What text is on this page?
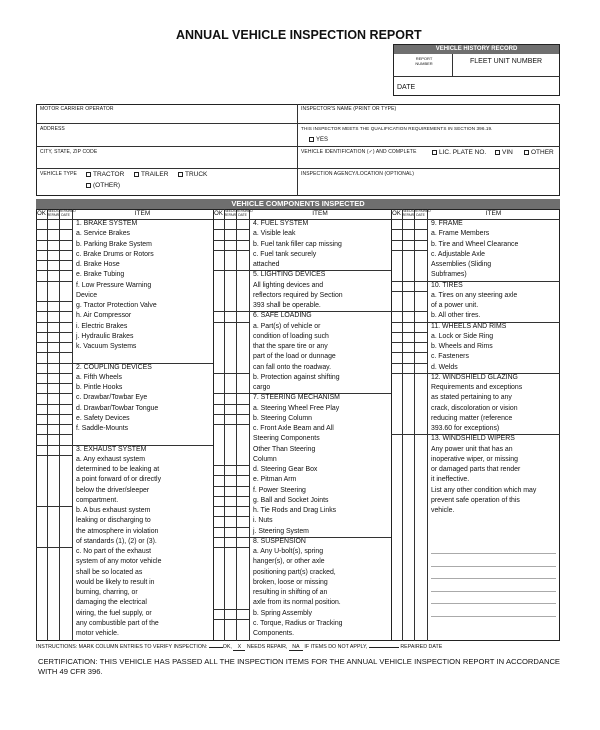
ANNUAL VEHICLE INSPECTION REPORT
VEHICLE HISTORY RECORD
REPORT NUMBER	FLEET UNIT NUMBER
DATE
MOTOR CARRIER OPERATOR	INSPECTOR'S NAME (PRINT OR TYPE)
ADDRESS	THIS INSPECTOR MEETS THE QUALIFICATION REQUIREMENTS IN SECTION 396.19.
YES
CITY, STATE, ZIP CODE	VEHICLE IDENTIFICATION (✓) AND COMPLETE	LIC. PLATE NO.	VIN	OTHER
VEHICLE TYPE	TRACTOR	TRAILER	TRUCK
(OTHER)
INSPECTION AGENCY/LOCATION (OPTIONAL)
VEHICLE COMPONENTS INSPECTED
INSTRUCTIONS: MARK COLUMN ENTRIES TO VERIFY INSPECTION:	OK, X NEEDS REPAIR, NA IF ITEMS DO NOT APPLY,	REPAIRED DATE
CERTIFICATION: THIS VEHICLE HAS PASSED ALL THE INSPECTION ITEMS FOR THE ANNUAL VEHICLE INSPECTION REPORT IN ACCORDANCE WITH 49 CFR 396.
OK NEEDS REPAIR
REPAIRED DATE	ITEM
1. BRAKE SYSTEM
a. Service Brakes
b. Parking Brake System
c. Brake Drums or Rotors
d. Brake Hose
e. Brake Tubing
f. Low Pressure Warning
Device
g. Tractor Protection Valve
h. Air Compressor
i. Electric Brakes
j. Hydraulic Brakes
k. Vacuum Systems
2. COUPLING DEVICES
a. Fifth Wheels
b. Pintle Hooks
c. Drawbar/Towbar Eye
d. Drawbar/Towbar Tongue
e. Safety Devices
f. Saddle-Mounts
3. EXHAUST SYSTEM
a. Any exhaust system
determined to be leaking at
a point forward of or directly
below the driver/sleeper
compartment.
b. A bus exhaust system
leaking or discharging to
the atmosphere in violation
of standards (1), (2) or (3).
c. No part of the exhaust
system of any motor vehicle
shall be so located as
would be likely to result in
burning, charring, or
damaging the electrical
wiring, the fuel supply, or
any combustible part of the
motor vehicle.
OK NEEDS REPAIR
REPAIRED DATE	ITEM
4. FUEL SYSTEM
a. Visible leak
b. Fuel tank filler cap missing
c. Fuel tank securely
attached
5. LIGHTING DEVICES
All lighting devices and
reflectors required by Section
393 shall be operable.
6. SAFE LOADING
a. Part(s) of vehicle or
condition of loading such
that the spare tire or any
part of the load or dunnage
can fall onto the roadway.
b. Protection against shifting
cargo
7. STEERING MECHANISM
a. Steering Wheel Free Play
b. Steering Column
c. Front Axle Beam and All
Steering Components
Other Than Steering
Column
d. Steering Gear Box
e. Pitman Arm
f. Power Steering
g. Ball and Socket Joints
h. Tie Rods and Drag Links
i. Nuts
j. Steering System
8. SUSPENSION
a. Any U-bolt(s), spring
hanger(s), or other axle
positioning part(s) cracked,
broken, loose or missing
resulting in shifting of an
axle from its normal position.
b. Spring Assembly
c. Torque, Radius or Tracking
Components.
OK NEEDS REPAIR
REPAIRED DATE	ITEM
9. FRAME
a. Frame Members
b. Tire and Wheel Clearance
c. Adjustable Axle
Assemblies (Sliding
Subframes)
10. TIRES
a. Tires on any steering axle
of a power unit.
b. All other tires.
11. WHEELS AND RIMS
a. Lock or Side Ring
b. Wheels and Rims
c. Fasteners
d. Welds
12. WINDSHIELD GLAZING
Requirements and exceptions
as stated pertaining to any
crack, discoloration or vision
reducing matter (reference
393.60 for exceptions)
13. WINDSHIELD WIPERS
Any power unit that has an
inoperative wiper, or missing
or damaged parts that render
it ineffective.
List any other condition which may
prevent safe operation of this
vehicle.
